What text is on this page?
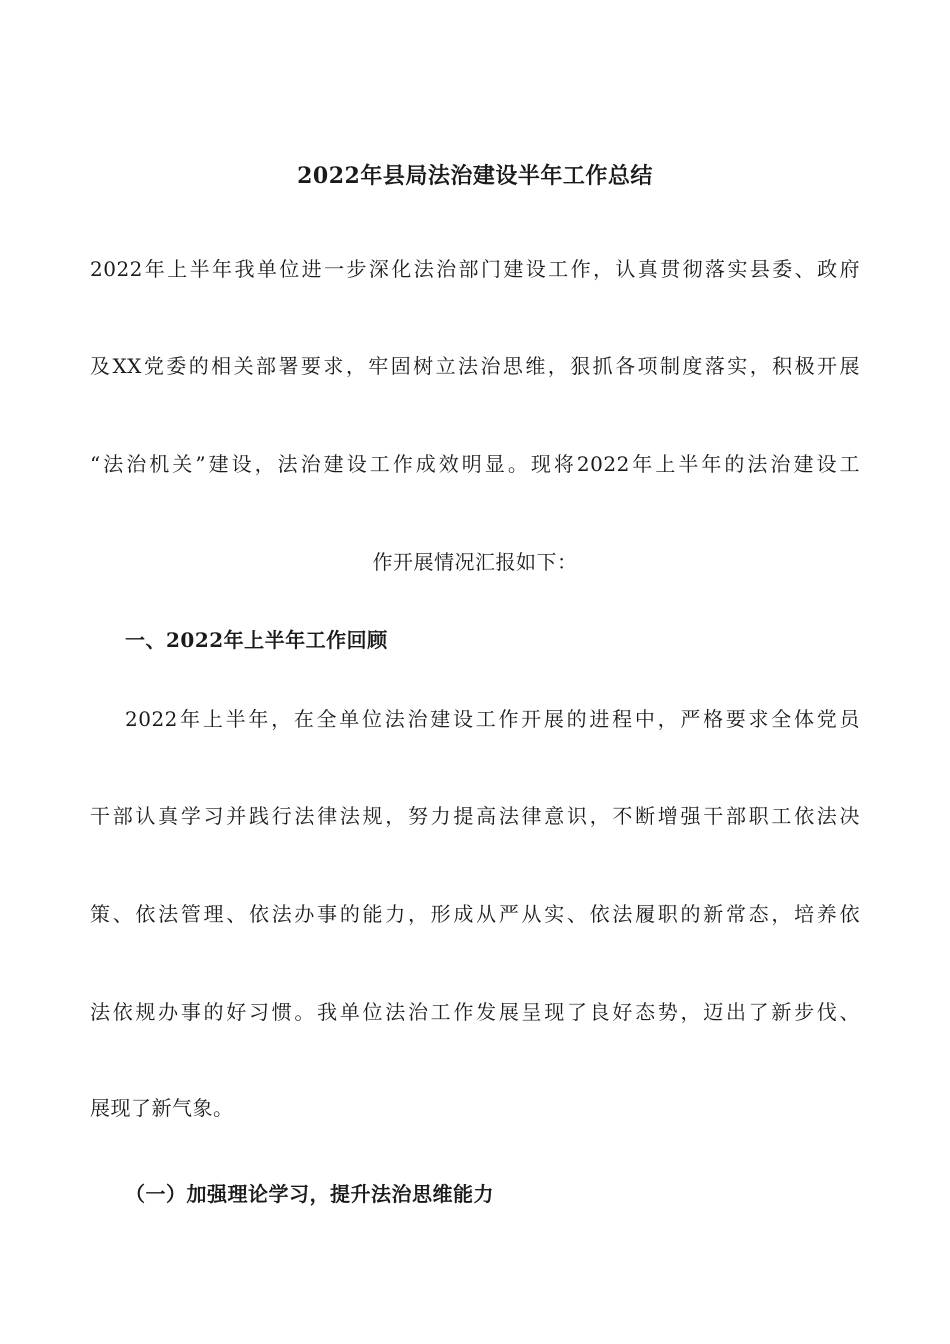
2022年县局法治建设半年工作总结
2022年上半年我单位进一步深化法治部门建设工作，认真贯彻落实县委、政府
及XX党委的相关部署要求，牢固树立法治思维，狠抓各项制度落实，积极开展
“法治机关”建设，法治建设工作成效明显。现将2022年上半年的法治建设工
作开展情况汇报如下：
一、2022年上半年工作回顾
2022年上半年，在全单位法治建设工作开展的进程中，严格要求全体党员
干部认真学习并践行法律法规，努力提高法律意识，不断增强干部职工依法决
策、依法管理、依法办事的能力，形成从严从实、依法履职的新常态，培养依
法依规办事的好习惯。我单位法治工作发展呈现了良好态势，迈出了新步伐、
展现了新气象。
（一）加强理论学习，提升法治思维能力
